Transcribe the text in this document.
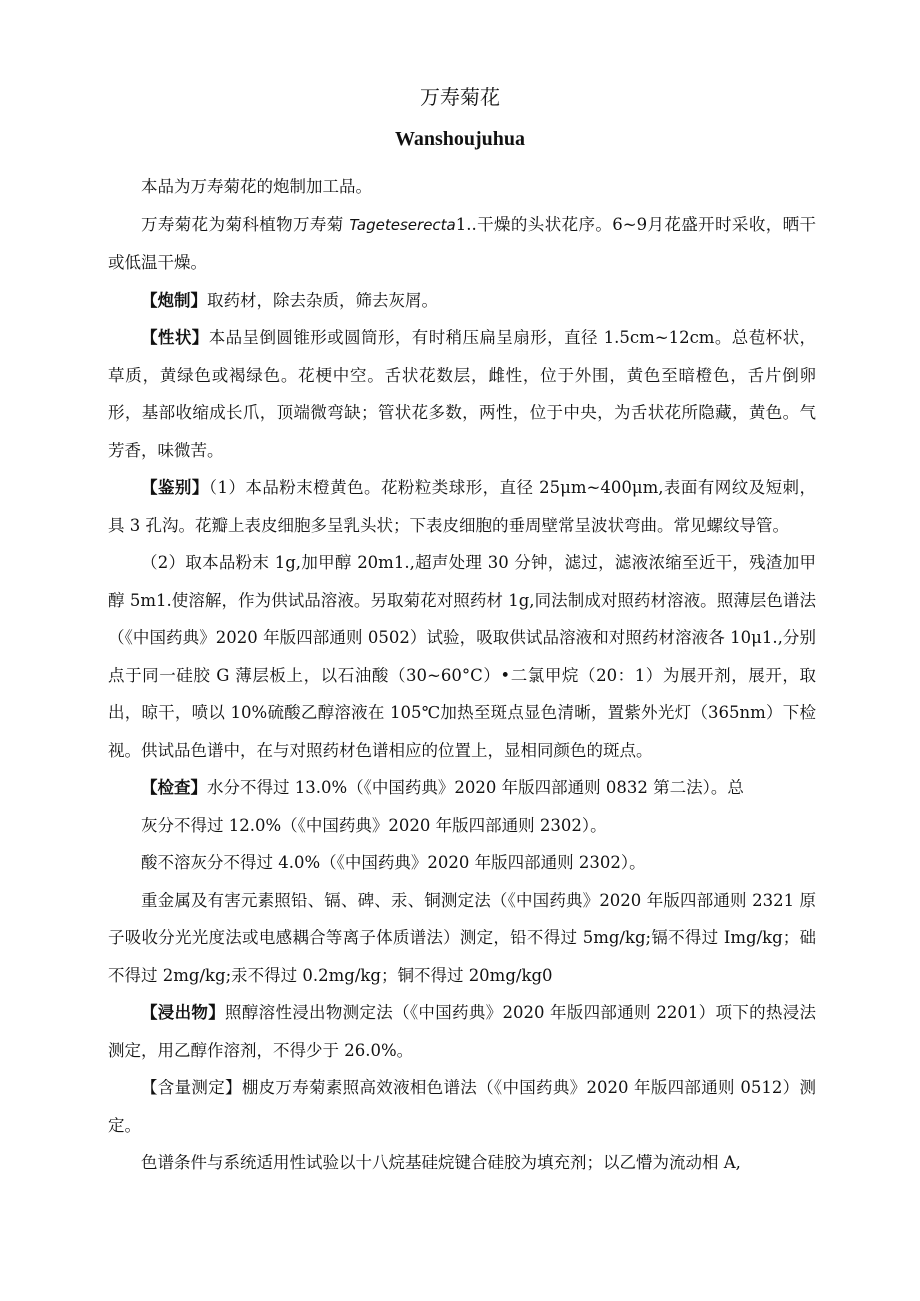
万寿菊花
Wanshoujuhua

本品为万寿菊花的炮制加工品。

万寿菊花为菊科植物万寿菊 Tageteserecta1..干燥的头状花序。6~9月花盛开时采收，晒干或低温干燥。

【炮制】取药材，除去杂质，筛去灰屑。

【性状】本品呈倒圆锥形或圆筒形，有时稍压扁呈扇形，直径 1.5cm~12cm。总苞杯状，草质，黄绿色或褐绿色。花梗中空。舌状花数层，雌性，位于外围，黄色至暗橙色，舌片倒卵形，基部收缩成长爪，顶端微弯缺；管状花多数，两性，位于中央，为舌状花所隐藏，黄色。气芳香，味微苦。

【鉴别】（1）本品粉末橙黄色。花粉粒类球形，直径 25μm~400μm,表面有网纹及短刺，具 3 孔沟。花瓣上表皮细胞多呈乳头状；下表皮细胞的垂周壁常呈波状弯曲。常见螺纹导管。

（2）取本品粉末 1g,加甲醇 20m1.,超声处理 30 分钟，滤过，滤液浓缩至近干，残渣加甲醇 5m1.使溶解，作为供试品溶液。另取菊花对照药材 1g,同法制成对照药材溶液。照薄层色谱法（《中国药典》2020 年版四部通则 0502）试验，吸取供试品溶液和对照药材溶液各 10μ1.,分别点于同一硅胶 G 薄层板上，以石油酸（30~60°C）•二氯甲烷（20：1）为展开剂，展开，取出，晾干，喷以 10%硫酸乙醇溶液在 105℃加热至斑点显色清晰，置紫外光灯（365nm）下检视。供试品色谱中，在与对照药材色谱相应的位置上，显相同颜色的斑点。

【检查】水分不得过 13.0%（《中国药典》2020 年版四部通则 0832 第二法）。总

灰分不得过 12.0%（《中国药典》2020 年版四部通则 2302）。

酸不溶灰分不得过 4.0%（《中国药典》2020 年版四部通则 2302）。

重金属及有害元素照铅、镉、碑、汞、铜测定法（《中国药典》2020 年版四部通则 2321 原子吸收分光光度法或电感耦合等离子体质谱法）测定，铅不得过 5mg∕kg;镉不得过 Img/kg；础不得过 2mg∕kg;汞不得过 0.2mg/kg；铜不得过 20mg∕kg0

【浸出物】照醇溶性浸出物测定法（《中国药典》2020 年版四部通则 2201）项下的热浸法测定，用乙醇作溶剂，不得少于 26.0%。

【含量测定】棚皮万寿菊素照高效液相色谱法（《中国药典》2020 年版四部通则 0512）测定。

色谱条件与系统适用性试验以十八烷基硅烷键合硅胶为填充剂；以乙懵为流动相 A,
